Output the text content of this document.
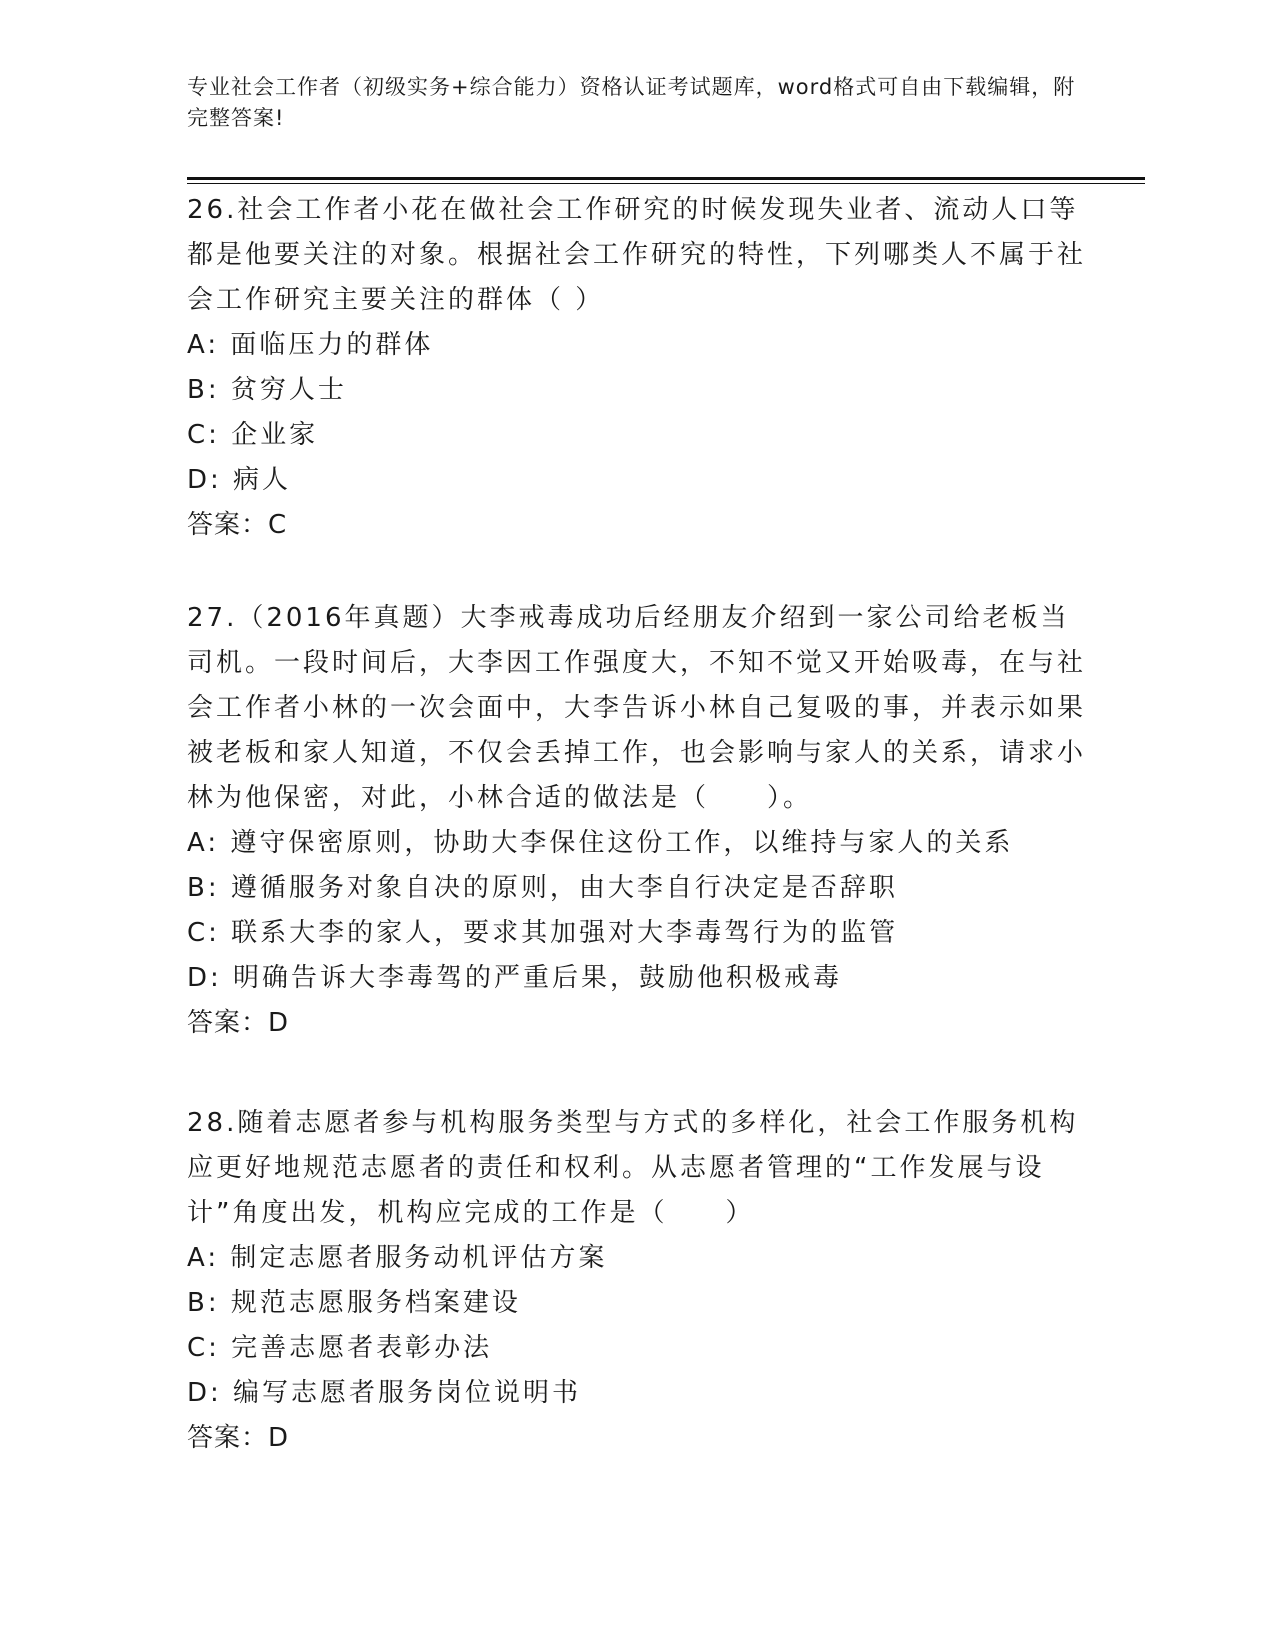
专业社会工作者（初级实务+综合能力）资格认证考试题库，word格式可自由下载编辑，附完整答案!

26.社会工作者小花在做社会工作研究的时候发现失业者、流动人口等都是他要关注的对象。根据社会工作研究的特性，下列哪类人不属于社会工作研究主要关注的群体（ ）

A: 面临压力的群体

B: 贫穷人士

C: 企业家

D: 病人

答案：C

27.（2016年真题）大李戒毒成功后经朋友介绍到一家公司给老板当司机。一段时间后，大李因工作强度大，不知不觉又开始吸毒，在与社会工作者小林的一次会面中，大李告诉小林自己复吸的事，并表示如果被老板和家人知道，不仅会丢掉工作，也会影响与家人的关系，请求小林为他保密，对此，小林合适的做法是（　　）。

A: 遵守保密原则，协助大李保住这份工作，以维持与家人的关系

B: 遵循服务对象自决的原则，由大李自行决定是否辞职

C: 联系大李的家人，要求其加强对大李毒驾行为的监管

D: 明确告诉大李毒驾的严重后果，鼓励他积极戒毒

答案：D

28.随着志愿者参与机构服务类型与方式的多样化，社会工作服务机构应更好地规范志愿者的责任和权利。从志愿者管理的“工作发展与设计”角度出发，机构应完成的工作是（　　）

A: 制定志愿者服务动机评估方案

B: 规范志愿服务档案建设

C: 完善志愿者表彰办法

D: 编写志愿者服务岗位说明书

答案：D
